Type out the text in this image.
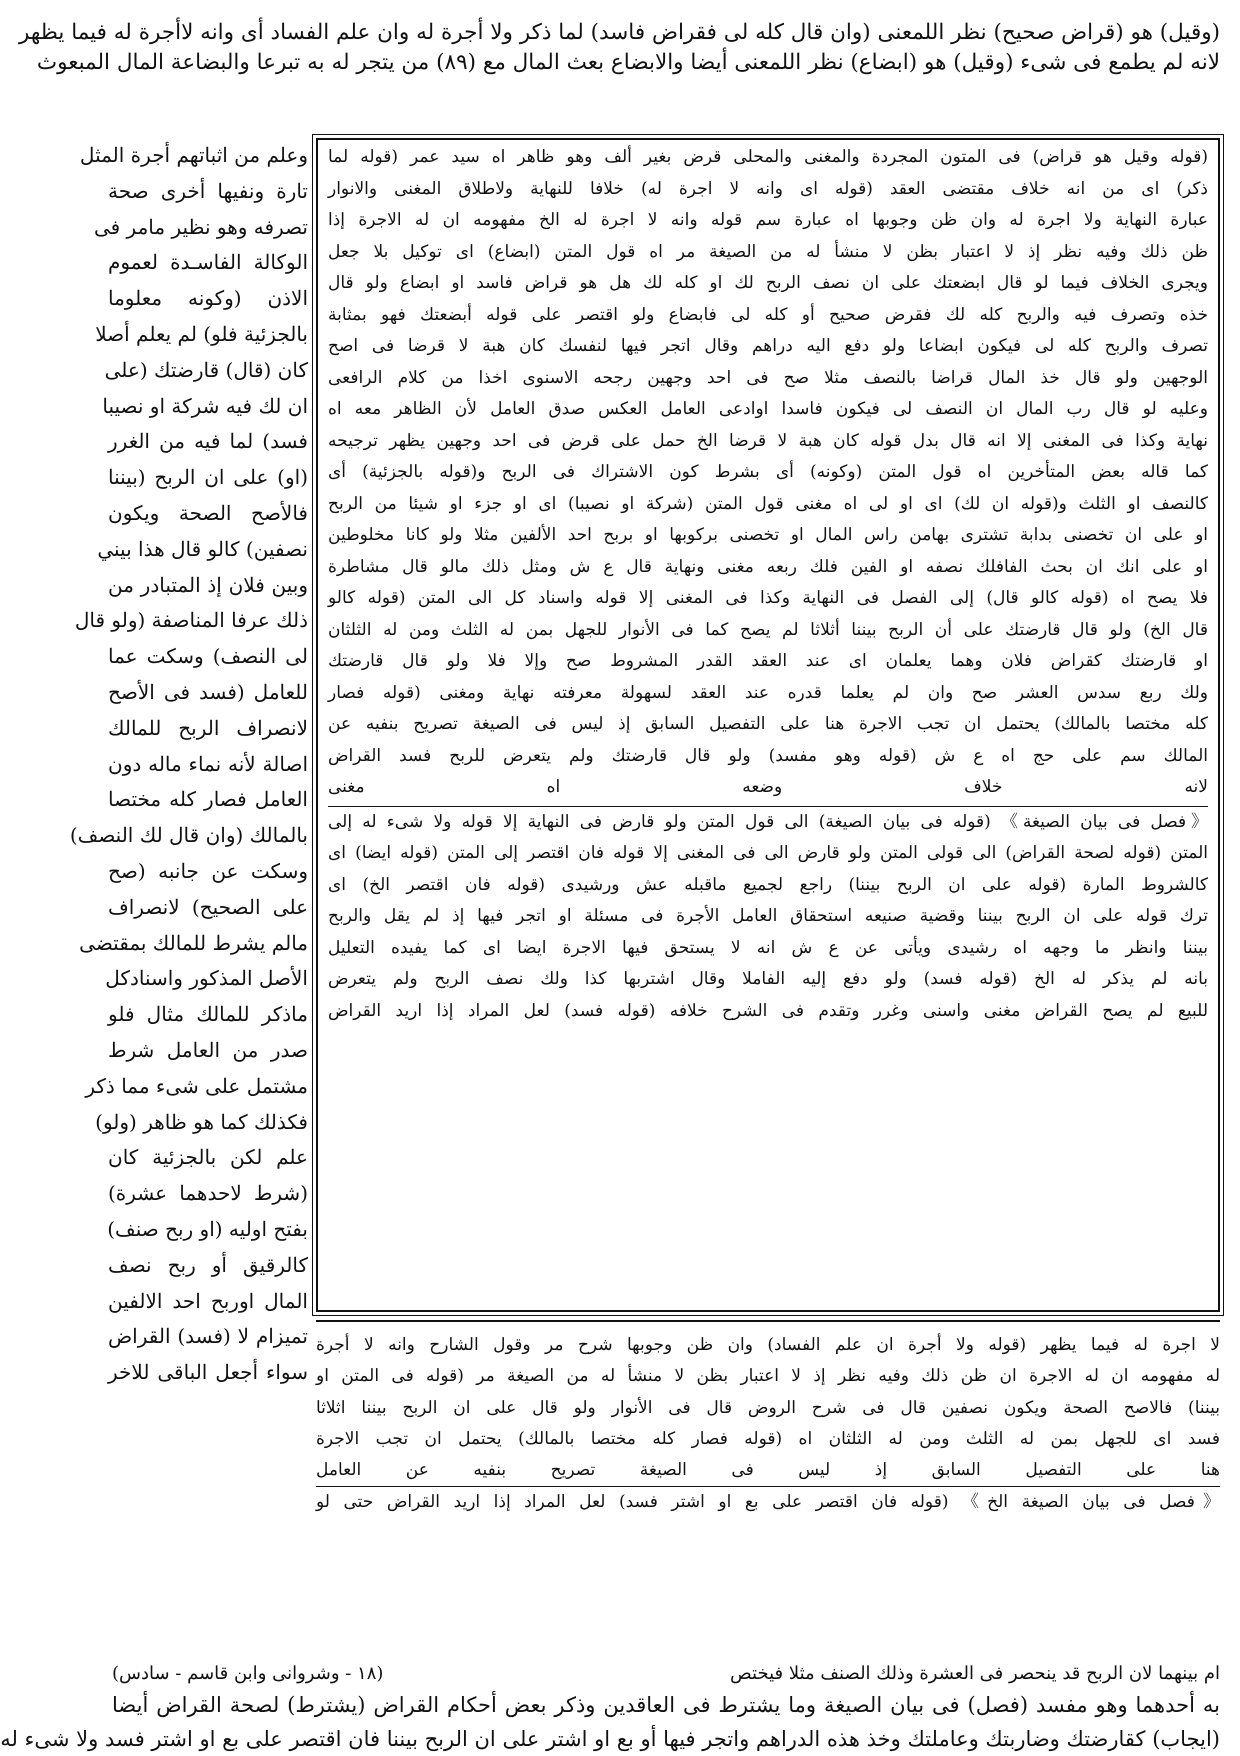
(وقيل) هو (قراض صحيح) نظر اللمعنى (وان قال كله لى فقراض فاسد) لما ذكر ولا أجرة له وان علم الفساد أى وانه لاأجرة له فيما يظهر
لانه لم يطمع فى شىء (وقيل) هو (ابضاع) نظر اللمعنى أيضا والابضاع بعث المال مع (٨٩) من يتجر له به تبرعا والبضاعة المال المبعوث
(قوله وقيل هو قراض) فى المتون المجردة والمغنى والمحلى قرض بغير ألف وهو ظاهر اه سيد عمر (قوله لما
ذكر) اى من انه خلاف مقتضى العقد (قوله اى وانه لا اجرة له) خلافا للنهاية ولاطلاق المغنى والانوار
عبارة النهاية ولا اجرة له وان ظن وجوبها اه عبارة سم قوله وانه لا اجرة له الخ مفهومه ان له الاجرة إذا
ظن ذلك وفيه نظر إذ لا اعتبار بظن لا منشأ له من الصيغة مر اه قول المتن (ابضاع) اى توكيل بلا جعل
ويجرى الخلاف فيما لو قال ابضعتك على ان نصف الربح لك او كله لك هل هو قراض فاسد او ابضاع ولو قال
خذه وتصرف فيه والربح كله لك فقرض صحيح أو كله لى فابضاع ولو اقتصر على قوله أبضعتك فهو بمثابة
تصرف والربح كله لى فيكون ابضاعا ولو دفع اليه دراهم وقال اتجر فيها لنفسك كان هبة لا قرضا فى اصح
الوجهين ولو قال خذ المال قراضا بالنصف مثلا صح فى احد وجهين رجحه الاسنوى اخذا من كلام الرافعى
وعليه لو قال رب المال ان النصف لى فيكون فاسدا اوادعى العامل العكس صدق العامل لأن الظاهر معه اه
نهاية وكذا فى المغنى إلا انه قال بدل قوله كان هبة لا قرضا الخ حمل على قرض فى احد وجهين يظهر ترجيحه
كما قاله بعض المتأخرين اه قول المتن (وكونه) أى بشرط كون الاشتراك فى الربح و(قوله بالجزئية) أى
كالنصف او الثلث و(قوله ان لك) اى او لى اه مغنى قول المتن (شركة او نصيبا) اى او جزء او شيئا من الربح
او على ان تخصنى بدابة تشترى بهامن راس المال او تخصنى بركوبها او بربح احد الألفين مثلا ولو كانا مخلوطين
او على انك ان بحث الفافلك نصفه او الفين فلك ربعه مغنى ونهاية قال ع ش ومثل ذلك مالو قال مشاطرة
فلا يصح اه (قوله كالو قال) إلى الفصل فى النهاية وكذا فى المغنى إلا قوله واسناد كل الى المتن (قوله كالو
قال الخ) ولو قال قارضتك على أن الربح بيننا أثلاثا لم يصح كما فى الأنوار للجهل بمن له الثلث ومن له الثلثان
او قارضتك كقراض فلان وهما يعلمان اى عند العقد القدر المشروط صح وإلا فلا ولو قال قارضتك
ولك ربع سدس العشر صح وان لم يعلما قدره عند العقد لسهولة معرفته نهاية ومغنى (قوله فصار
كله مختصا بالمالك) يحتمل ان تجب الاجرة هنا على التفصيل السابق إذ ليس فى الصيغة تصريح بنفيه عن
المالك سم على حج اه ع ش (قوله وهو مفسد) ولو قال قارضتك ولم يتعرض للربح فسد القراض
لانه خلاف وضعه اه مغنى
《فصل فى بيان الصيغة》 (قوله فى بيان الصيغة) الى قول المتن ولو قارض فى النهاية إلا قوله ولا شىء له إلى
المتن (قوله لصحة القراض) الى قولى المتن ولو قارض الى فى المغنى إلا قوله فان اقتصر إلى المتن (قوله ايضا) اى
كالشروط المارة (قوله على ان الربح بيننا) راجع لجميع ماقبله عش ورشيدى (قوله فان اقتصر الخ) اى
ترك قوله على ان الربح بيننا وقضية صنيعه استحقاق العامل الأجرة فى مسئلة او اتجر فيها إذ لم يقل والربح
بيننا وانظر ما وجهه اه رشيدى ويأتى عن ع ش انه لا يستحق فيها الاجرة ايضا اى كما يفيده التعليل
بانه لم يذكر له الخ (قوله فسد) ولو دفع إليه الفاملا وقال اشتربها كذا ولك نصف الربح ولم يتعرض
للبيع لم يصح القراض مغنى واسنى وغرر وتقدم فى الشرح خلافه (قوله فسد) لعل المراد إذا اريد القراض
وعلم من اثباتهم أجرة المثل
تارة ونفيها أخرى صحة
تصرفه وهو نظير مامر فى
الوكالة الفاسـدة لعموم
الاذن (وكونه معلوما
بالجزئية فلو) لم يعلم أصلا
كان (قال) قارضتك (على
ان لك فيه شركة او نصيبا
فسد) لما فيه من الغرر
(او) على ان الربح (بيننا
فالأصح الصحة ويكون
نصفين) كالو قال هذا بيني
وبين فلان إذ المتبادر من
ذلك عرفا المناصفة (ولو قال
لى النصف) وسكت عما
للعامل (فسد فى الأصح
لانصراف الربح للمالك
اصالة لأنه نماء ماله دون
العامل فصار كله مختصا
بالمالك (وان قال لك النصف)
وسكت عن جانبه (صح
على الصحيح) لانصراف
مالم يشرط للمالك بمقتضى
الأصل المذكور واسنادكل
ماذكر للمالك مثال فلو
صدر من العامل شرط
مشتمل على شىء مما ذكر
فكذلك كما هو ظاهر (ولو)
علم لكن بالجزئية كان
(شرط لاحدهما عشرة)
بفتح اوليه (او ربح صنف)
كالرقيق أو ربح نصف
المال اوربح احد الالفين
تميزام لا (فسد) القراض
سواء أجعل الباقى للاخر
لا اجرة له فيما يظهر (قوله ولا أجرة ان علم الفساد) وان ظن وجوبها شرح مر وقول الشارح وانه لا أجرة
له مفهومه ان له الاجرة ان ظن ذلك وفيه نظر إذ لا اعتبار بظن لا منشأ له من الصيغة مر (قوله فى المتن او
بيننا) فالاصح الصحة ويكون نصفين قال فى شرح الروض قال فى الأنوار ولو قال على ان الربح بيننا اثلاثا
فسد اى للجهل بمن له الثلث ومن له الثلثان اه (قوله فصار كله مختصا بالمالك) يحتمل ان تجب الاجرة
هنا على التفصيل السابق إذ ليس فى الصيغة تصريح بنفيه عن العامل
《فصل فى بيان الصيغة الخ》 (قوله فان اقتصر على بع او اشتر فسد) لعل المراد إذا اريد القراض حتى لو
ام بينهما لان الربح قد ينحصر فى العشرة وذلك الصنف مثلا فيختص
(١٨ - وشروانى وابن قاسم - سادس)
به أحدهما وهو مفسد (فصل) فى بيان الصيغة وما يشترط فى العاقدين وذكر بعض أحكام القراض (يشترط) لصحة القراض أيضا
(ايجاب) كقارضتك وضاربتك وعاملتك وخذ هذه الدراهم واتجر فيها أو بع او اشتر على ان الربح بيننا فان اقتصر على بع او اشتر فسد ولا شىء له
